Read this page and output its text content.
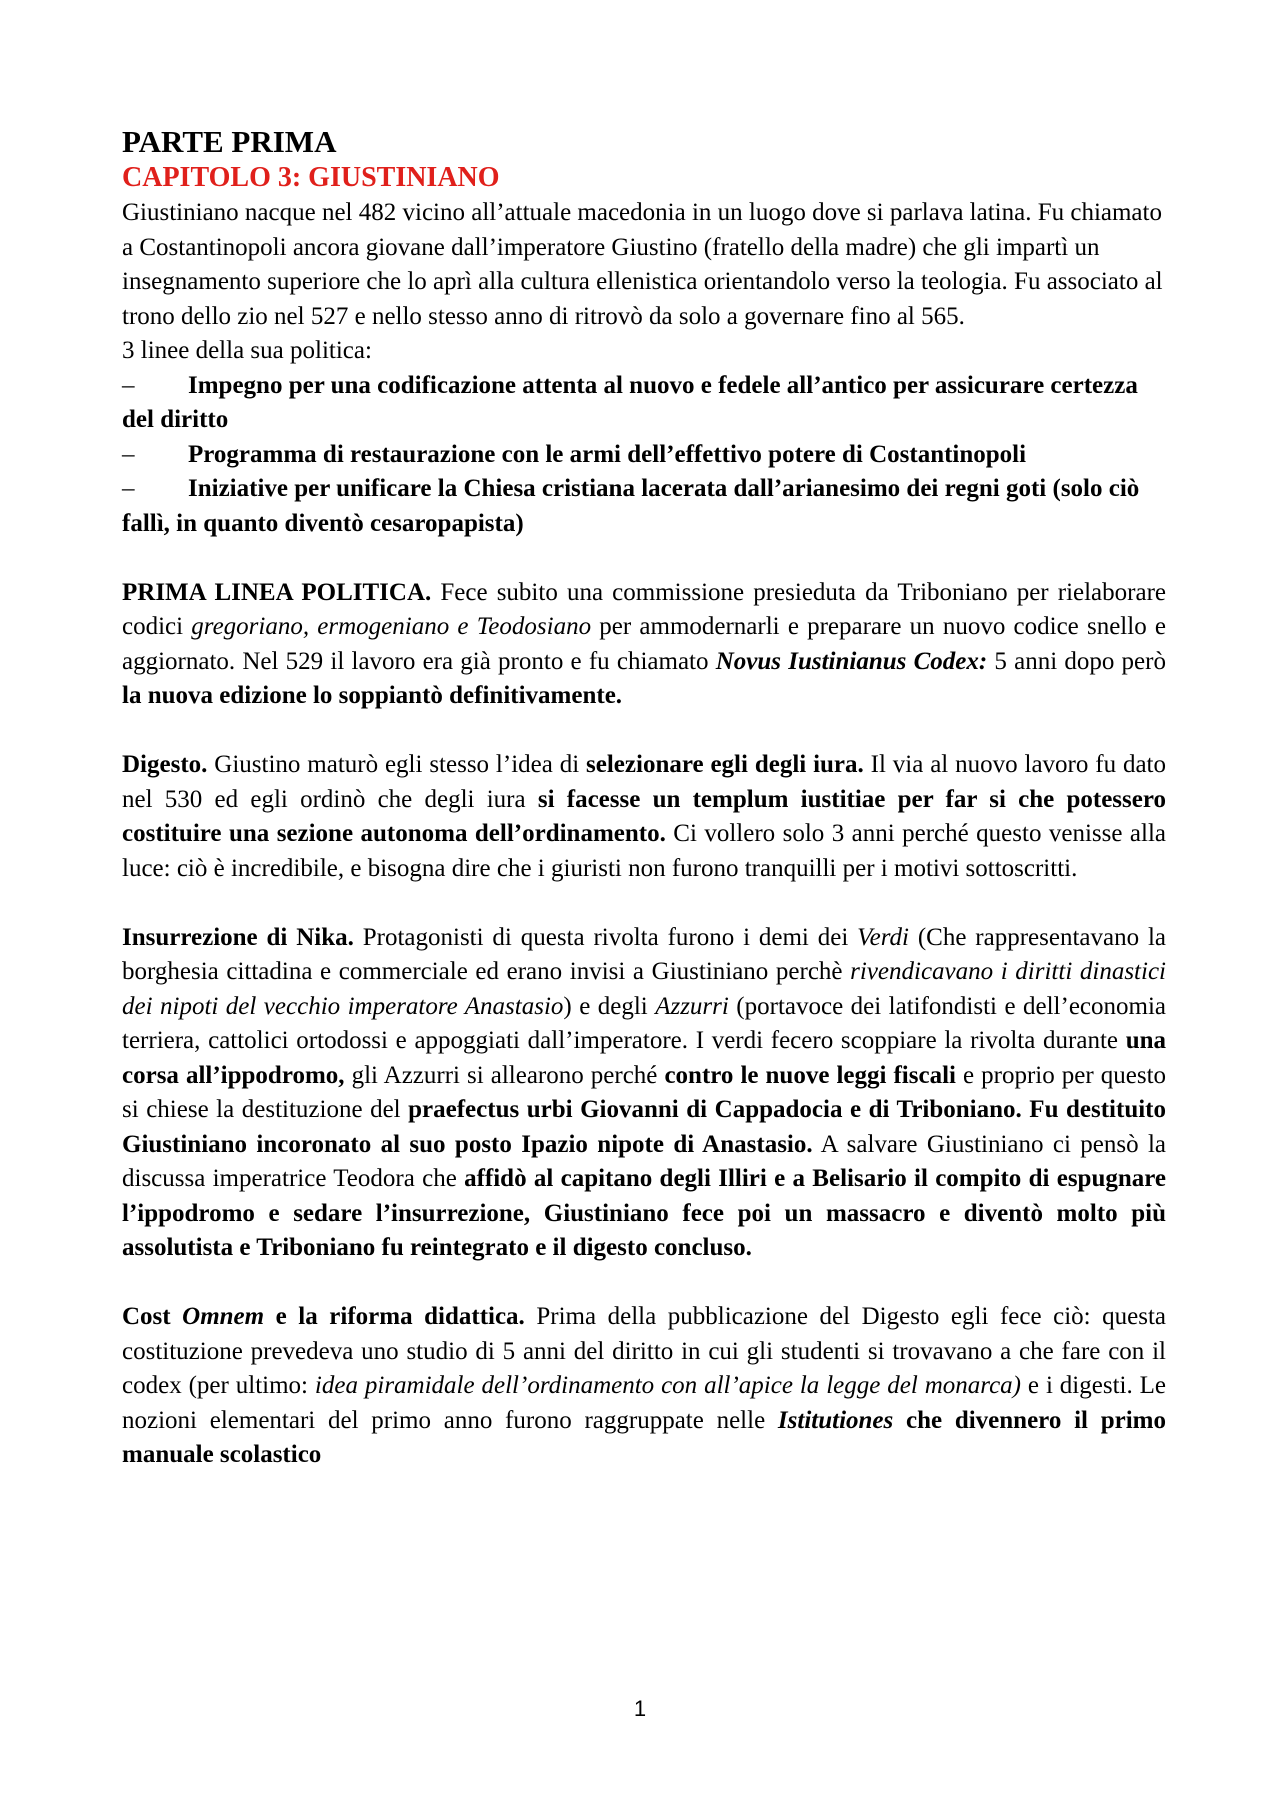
PARTE PRIMA
CAPITOLO 3: GIUSTINIANO

Giustiniano nacque nel 482 vicino all’attuale macedonia in un luogo dove si parlava latina. Fu chiamato a Costantinopoli ancora giovane dall’imperatore Giustino (fratello della madre) che gli impartì un insegnamento superiore che lo aprì alla cultura ellenistica orientandolo verso la teologia. Fu associato al trono dello zio nel 527 e nello stesso anno di ritrovò da solo a governare fino al 565.

3 linee della sua politica:

– Impegno per una codificazione attenta al nuovo e fedele all’antico per assicurare certezza del diritto

– Programma di restaurazione con le armi dell’effettivo potere di Costantinopoli

– Iniziative per unificare la Chiesa cristiana lacerata dall’arianesimo dei regni goti (solo ciò fallì, in quanto diventò cesaropapista)

PRIMA LINEA POLITICA. Fece subito una commissione presieduta da Triboniano per rielaborare codici gregoriano, ermogeniano e Teodosiano per ammodernarli e preparare un nuovo codice snello e aggiornato. Nel 529 il lavoro era già pronto e fu chiamato Novus Iustinianus Codex: 5 anni dopo però la nuova edizione lo soppiantò definitivamente.

Digesto. Giustino maturò egli stesso l’idea di selezionare egli degli iura. Il via al nuovo lavoro fu dato nel 530 ed egli ordinò che degli iura si facesse un templum iustitiae per far si che potessero costituire una sezione autonoma dell’ordinamento. Ci vollero solo 3 anni perché questo venisse alla luce: ciò è incredibile, e bisogna dire che i giuristi non furono tranquilli per i motivi sottoscritti.

Insurrezione di Nika. Protagonisti di questa rivolta furono i demi dei Verdi (Che rappresentavano la borghesia cittadina e commerciale ed erano invisi a Giustiniano perchè rivendicavano i diritti dinastici dei nipoti del vecchio imperatore Anastasio) e degli Azzurri (portavoce dei latifondisti e dell’economia terriera, cattolici ortodossi e appoggiati dall’imperatore. I verdi fecero scoppiare la rivolta durante una corsa all’ippodromo, gli Azzurri si allearono perché contro le nuove leggi fiscali e proprio per questo si chiese la destituzione del praefectus urbi Giovanni di Cappadocia e di Triboniano. Fu destituito Giustiniano incoronato al suo posto Ipazio nipote di Anastasio. A salvare Giustiniano ci pensò la discussa imperatrice Teodora che affidò al capitano degli Illiri e a Belisario il compito di espugnare l’ippodromo e sedare l’insurrezione, Giustiniano fece poi un massacro e diventò molto più assolutista e Triboniano fu reintegrato e il digesto concluso.

Cost Omnem e la riforma didattica. Prima della pubblicazione del Digesto egli fece ciò: questa costituzione prevedeva uno studio di 5 anni del diritto in cui gli studenti si trovavano a che fare con il codex (per ultimo: idea piramidale dell’ordinamento con all’apice la legge del monarca) e i digesti. Le nozioni elementari del primo anno furono raggruppate nelle Istitutiones che divennero il primo manuale scolastico

1
